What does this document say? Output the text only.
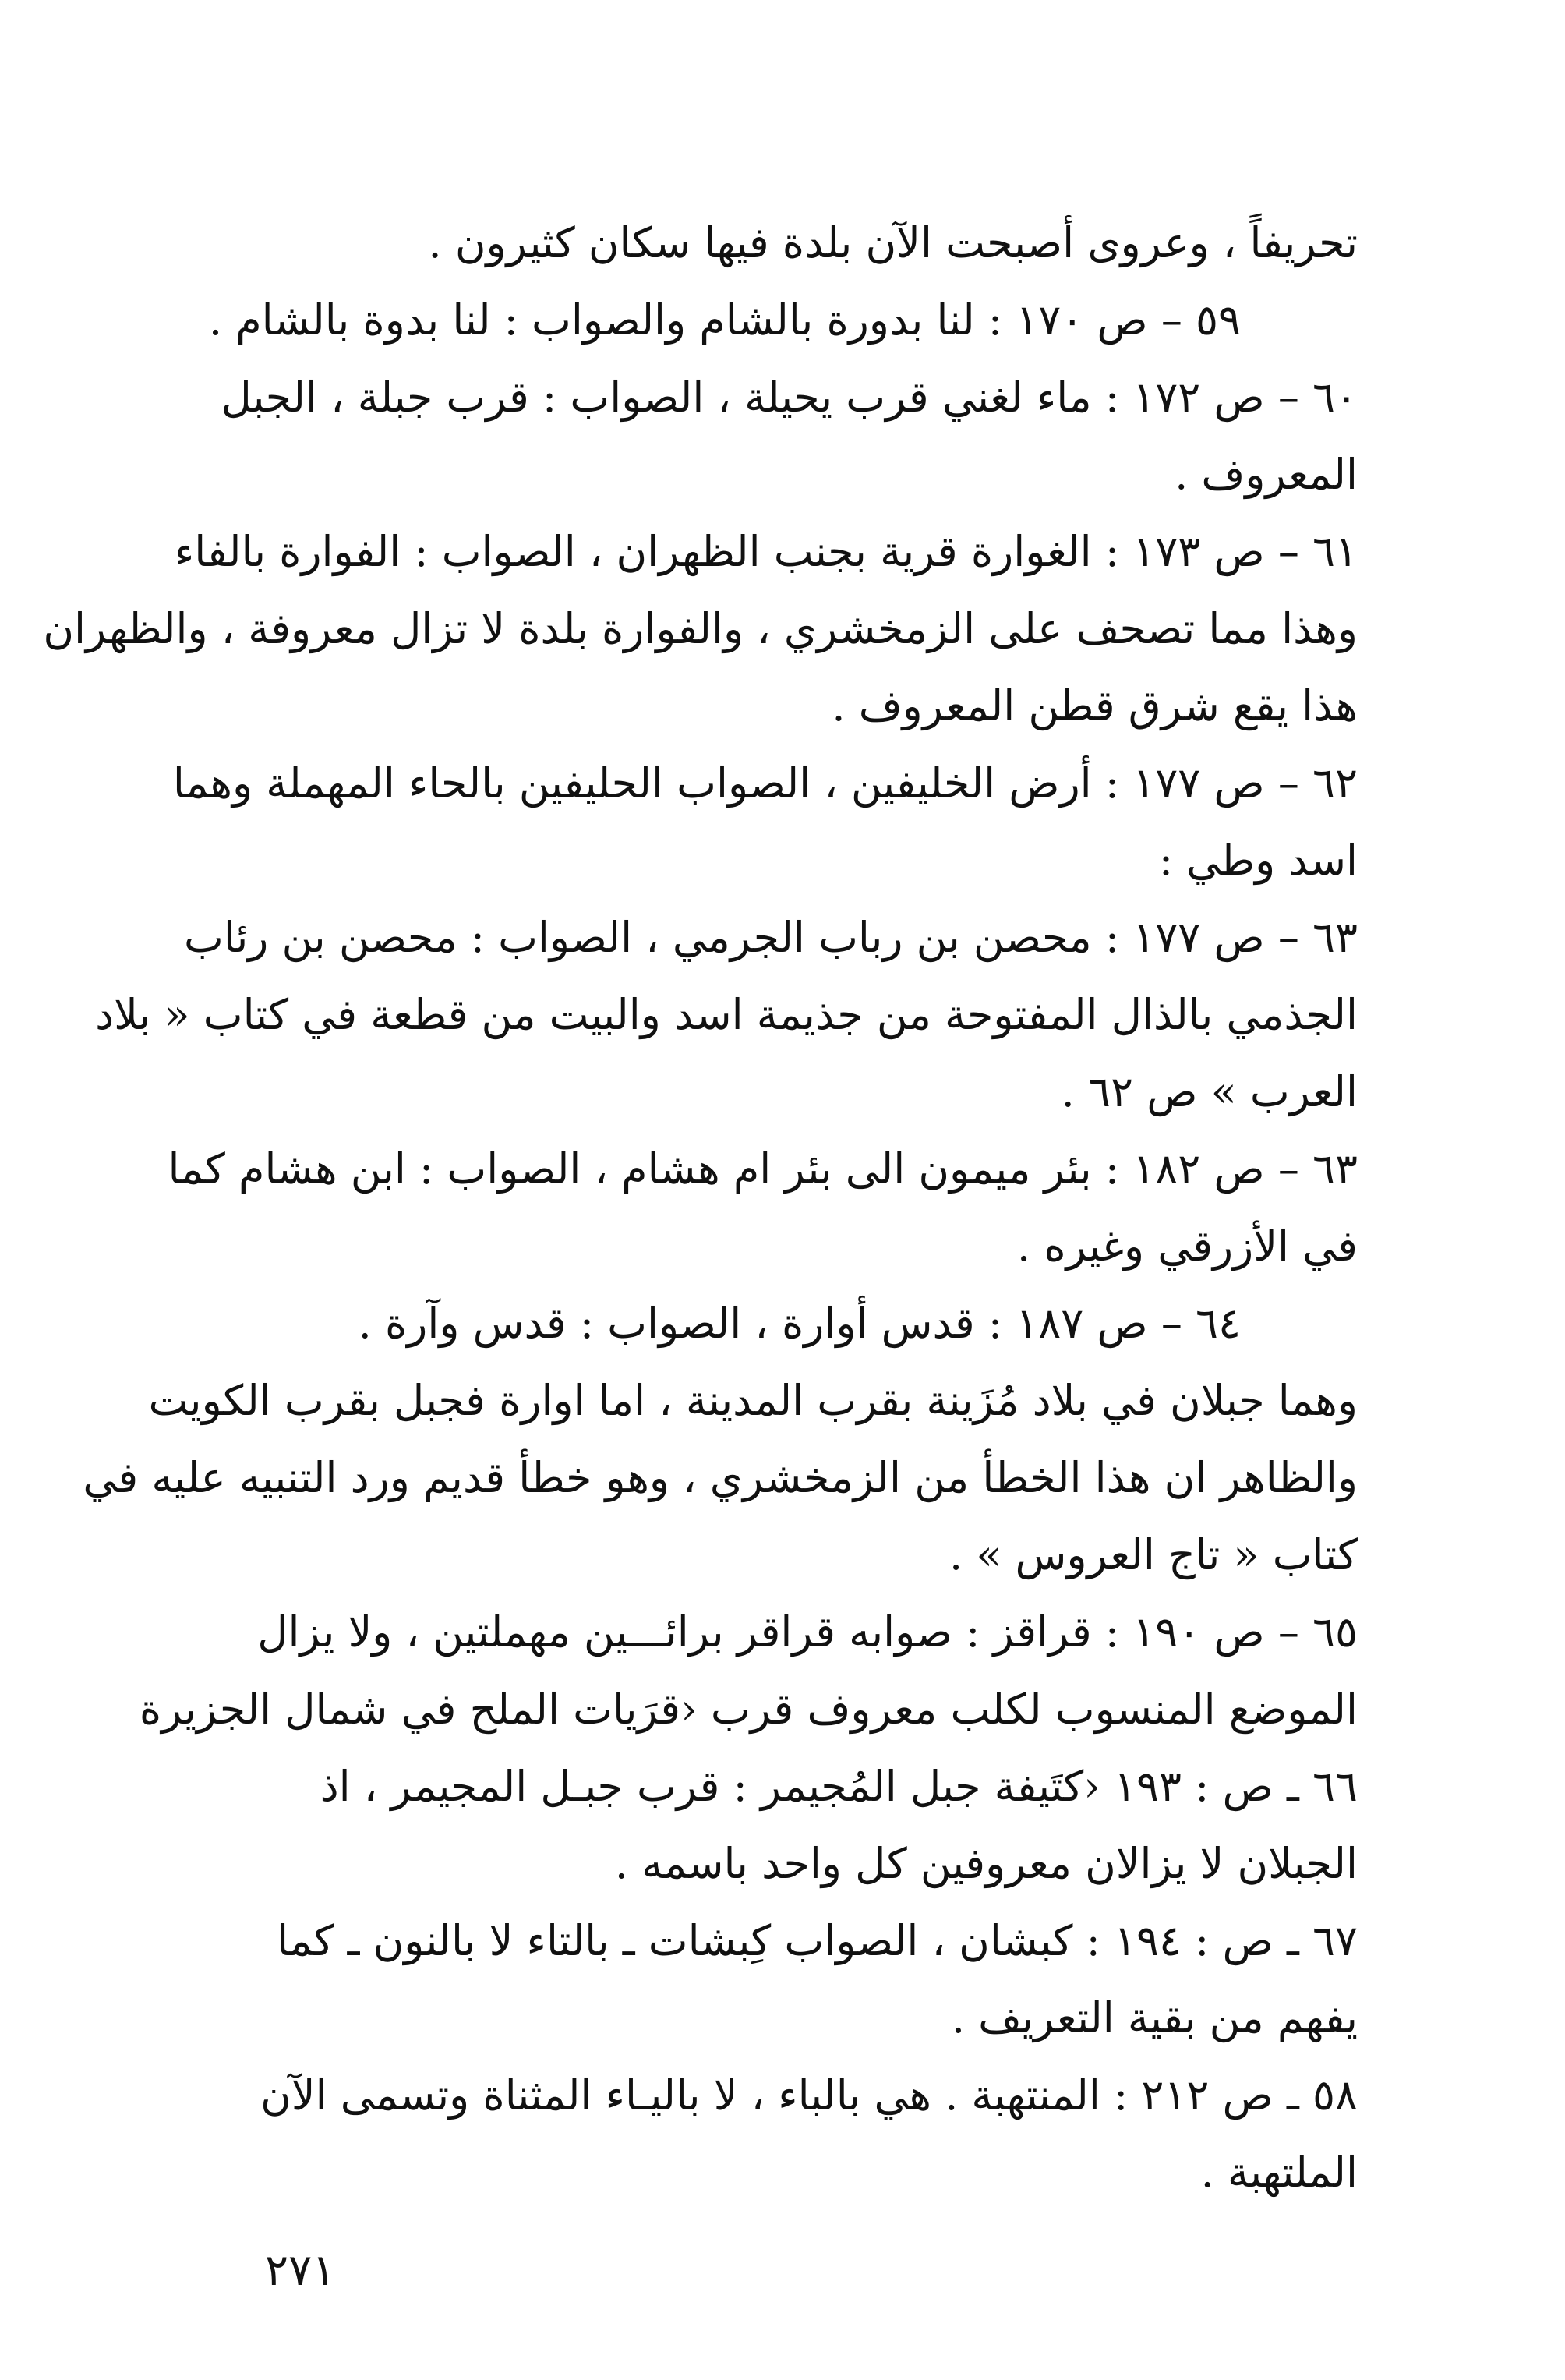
تحريفاً ، وعروى أصبحت الآن بلدة فيها سكان كثيرون .
٥٩ – ص ١٧٠ : لنا بدورة بالشام والصواب : لنا بدوة بالشام .
٦٠ – ص ١٧٢ : ماء لغني قرب يحيلة ، الصواب : قرب جبلة ، الجبل
المعروف .
٦١ – ص ١٧٣ : الغوارة قرية بجنب الظهران ، الصواب : الفوارة بالفاء
وهذا مما تصحف على الزمخشري ، والفوارة بلدة لا تزال معروفة ، والظهران
هذا يقع شرق قطن المعروف .
٦٢ – ص ١٧٧ : أرض الخليفين ، الصواب الحليفين بالحاء المهملة وهما
اسد وطي :
٦٣ – ص ١٧٧ : محصن بن رباب الجرمي ، الصواب : محصن بن رئاب
الجذمي بالذال المفتوحة من جذيمة اسد والبيت من قطعة في كتاب « بلاد
العرب » ص ٦٢ .
٦٣ – ص ١٨٢ : بئر ميمون الى بئر ام هشام ، الصواب : ابن هشام كما
في الأزرقي وغيره .
٦٤ – ص ١٨٧ : قدس أوارة ، الصواب : قدس وآرة .
وهما جبلان في بلاد مُزَينة بقرب المدينة ، اما اوارة فجبل بقرب الكويت
والظاهر ان هذا الخطأ من الزمخشري ، وهو خطأ قديم ورد التنبيه عليه في
كتاب « تاج العروس » .
٦٥ – ص ١٩٠ : قراقز : صوابه قراقر برائـــين مهملتين ، ولا يزال
الموضع المنسوب لكلب معروف قرب ‹قرَيات الملح في شمال الجزيرة
٦٦ ـ ص : ١٩٣ ‹كتَيفة جبل المُجيمر : قرب جبـل المجيمر ، اذ
الجبلان لا يزالان معروفين كل واحد باسمه .
٦٧ ـ ص : ١٩٤ : كبشان ، الصواب كِبشات ـ بالتاء لا بالنون ـ كما
يفهم من بقية التعريف .
٥٨ ـ ص ٢١٢ : المنتهبة . هي بالباء ، لا باليـاء المثناة وتسمى الآن
الملتهبة .
٢٧١
